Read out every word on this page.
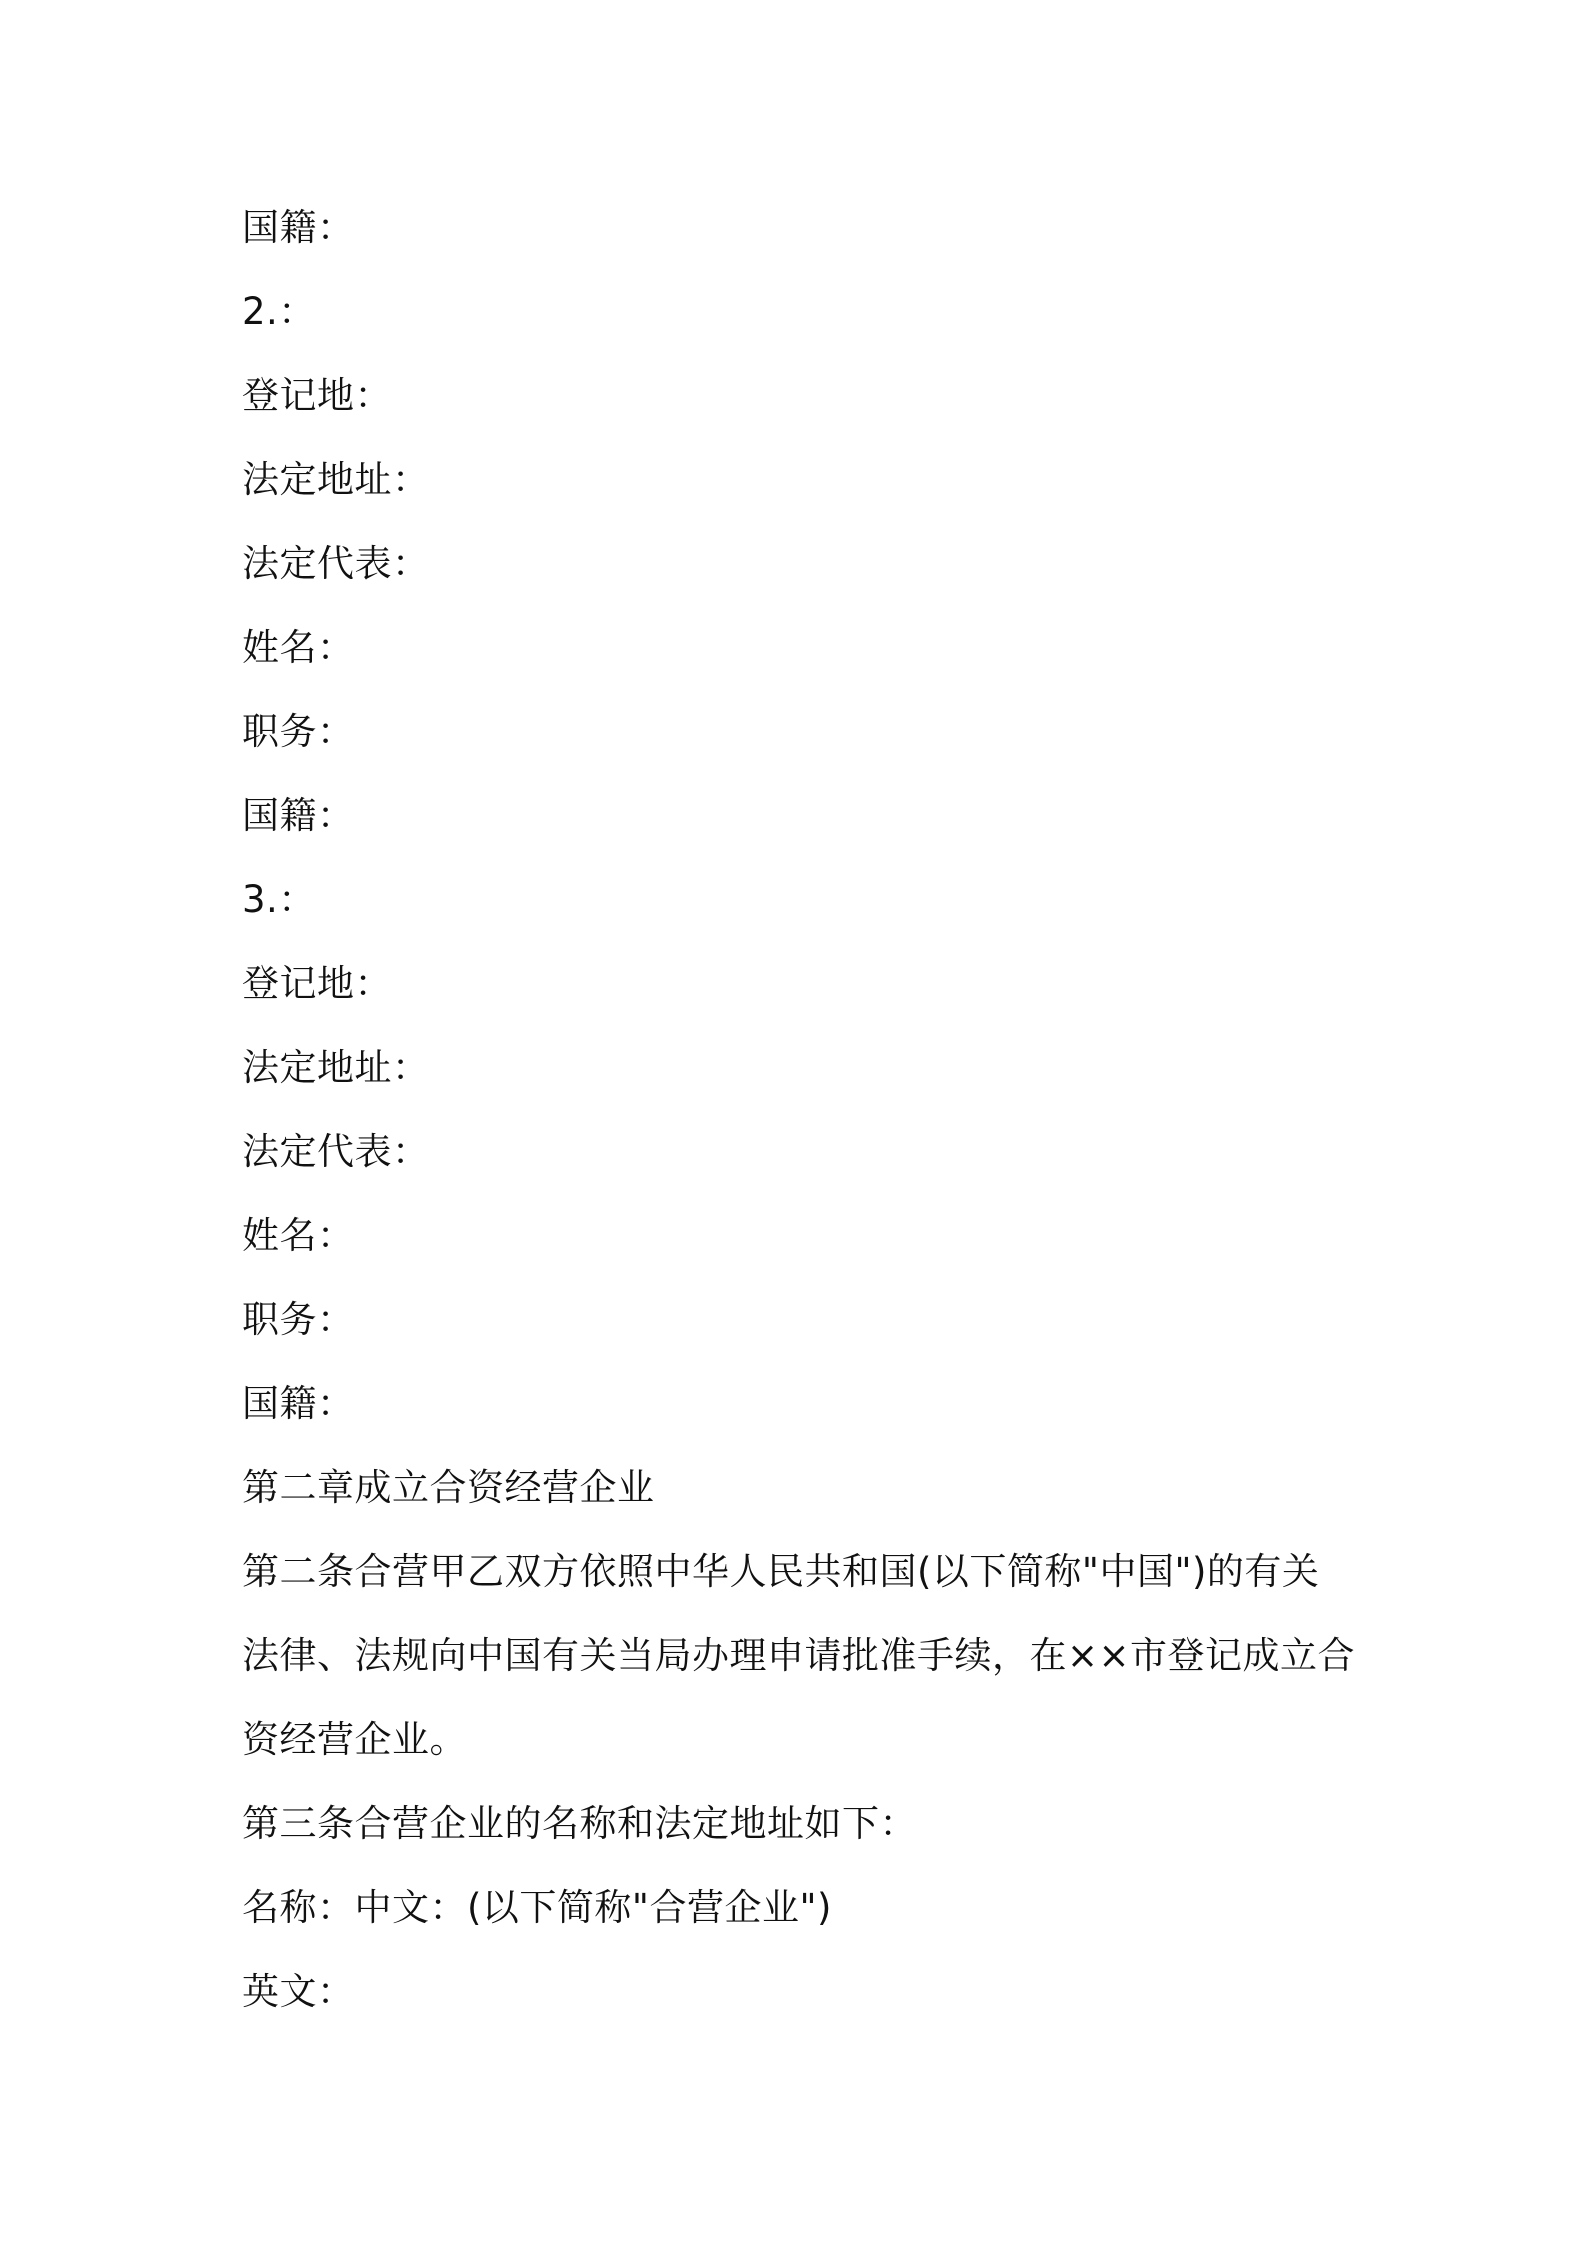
国籍：
2.：
登记地：
法定地址：
法定代表：
姓名：
职务：
国籍：
3.：
登记地：
法定地址：
法定代表：
姓名：
职务：
国籍：
第二章成立合资经营企业
第二条合营甲乙双方依照中华人民共和国(以下简称"中国")的有关
法律、法规向中国有关当局办理申请批准手续，在××市登记成立合
资经营企业。
第三条合营企业的名称和法定地址如下：
名称：中文：(以下简称"合营企业")
英文：
